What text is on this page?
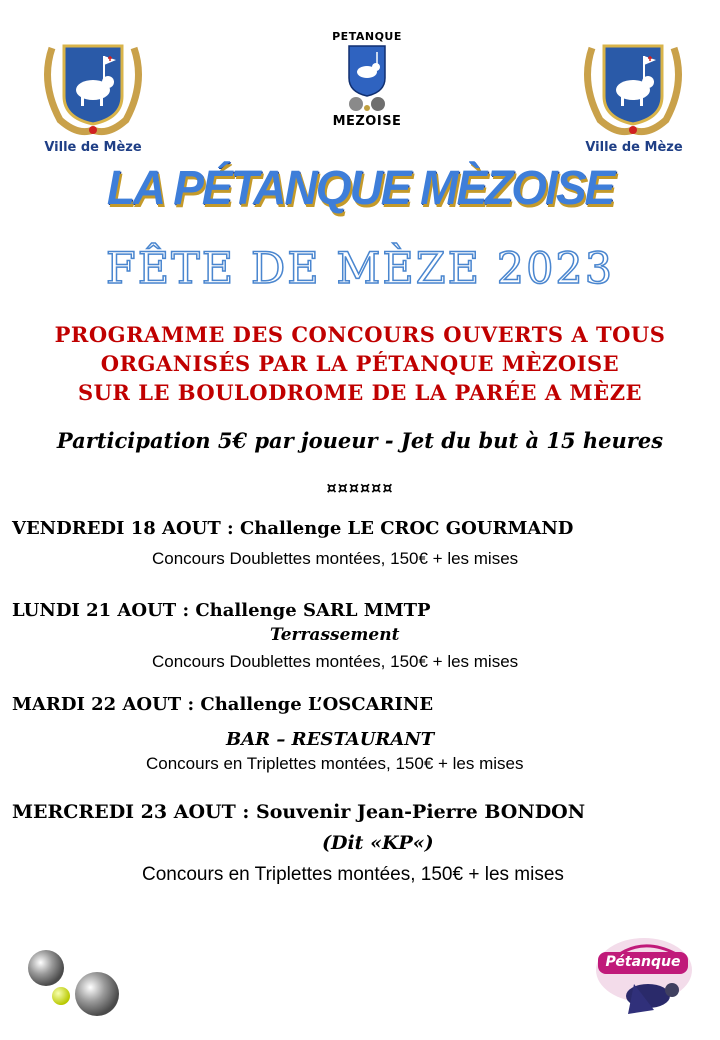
Ville de Mèze
PETANQUE
MEZOISE
Ville de Mèze
LA PÉTANQUE MÈZOISE
FÊTE DE MÈZE 2023
PROGRAMME DES CONCOURS OUVERTS A TOUS
ORGANISÉS PAR LA PÉTANQUE MÈZOISE
SUR LE BOULODROME DE LA PARÉE A MÈZE
Participation 5€ par joueur - Jet du but à 15 heures
¤¤¤¤¤¤
VENDREDI 18 AOUT : Challenge LE CROC GOURMAND
Concours Doublettes montées, 150€ + les mises
LUNDI 21 AOUT : Challenge SARL MMTP
Terrassement
Concours Doublettes montées, 150€ + les mises
MARDI 22 AOUT : Challenge L’OSCARINE
BAR – RESTAURANT
Concours en Triplettes montées, 150€ + les mises
MERCREDI 23 AOUT : Souvenir Jean-Pierre BONDON
(Dit «KP«)
Concours en Triplettes montées, 150€ + les mises
Pétanque
